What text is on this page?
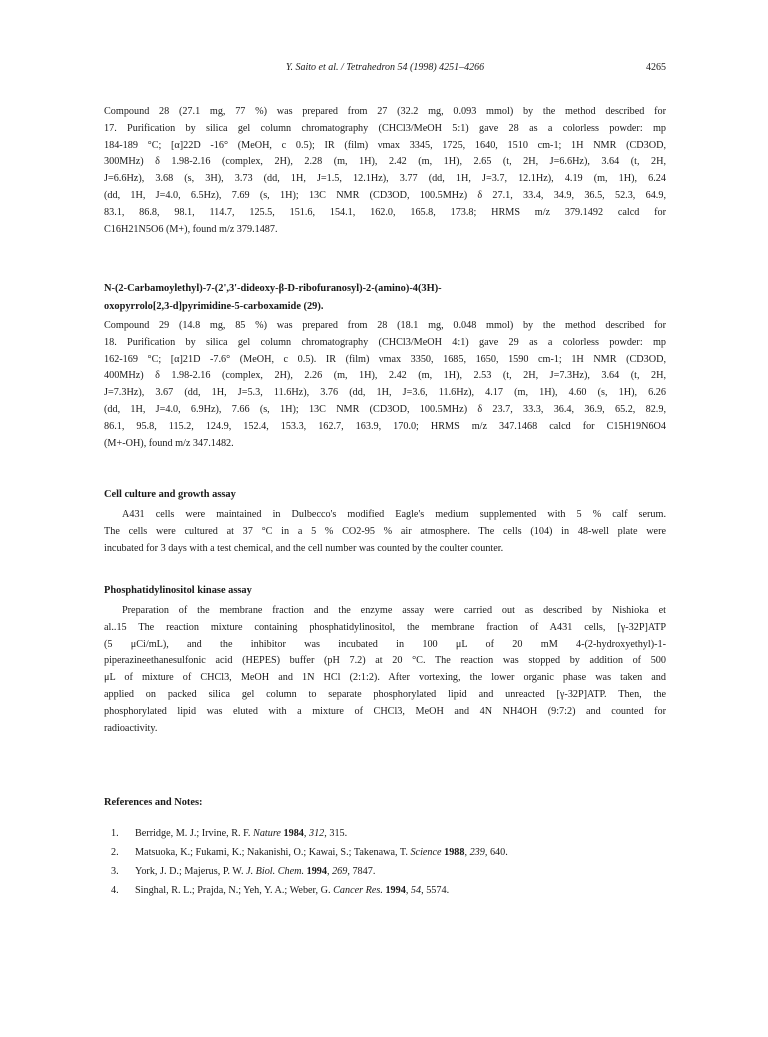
Y. Saito et al. / Tetrahedron 54 (1998) 4251–4266	4265
Compound 28 (27.1 mg, 77 %) was prepared from 27 (32.2 mg, 0.093 mmol) by the method described for
17. Purification by silica gel column chromatography (CHCl3/MeOH 5:1) gave 28 as a colorless powder: mp
184-189 °C; [α]22D -16° (MeOH, c 0.5); IR (film) νmax 3345, 1725, 1640, 1510 cm-1; 1H NMR (CD3OD,
300MHz) δ 1.98-2.16 (complex, 2H), 2.28 (m, 1H), 2.42 (m, 1H), 2.65 (t, 2H, J=6.6Hz), 3.64 (t, 2H,
J=6.6Hz), 3.68 (s, 3H), 3.73 (dd, 1H, J=1.5, 12.1Hz), 3.77 (dd, 1H, J=3.7, 12.1Hz), 4.19 (m, 1H), 6.24
(dd, 1H, J=4.0, 6.5Hz), 7.69 (s, 1H); 13C NMR (CD3OD, 100.5MHz) δ 27.1, 33.4, 34.9, 36.5, 52.3, 64.9,
83.1, 86.8, 98.1, 114.7, 125.5, 151.6, 154.1, 162.0, 165.8, 173.8; HRMS m/z 379.1492 calcd for
C16H21N5O6 (M+), found m/z 379.1487.
N-(2-Carbamoylethyl)-7-(2',3'-dideoxy-β-D-ribofuranosyl)-2-(amino)-4(3H)-
oxopyrrolo[2,3-d]pyrimidine-5-carboxamide (29).
Compound 29 (14.8 mg, 85 %) was prepared from 28 (18.1 mg, 0.048 mmol) by the method described for
18. Purification by silica gel column chromatography (CHCl3/MeOH 4:1) gave 29 as a colorless powder: mp
162-169 °C; [α]21D -7.6° (MeOH, c 0.5). IR (film) νmax 3350, 1685, 1650, 1590 cm-1; 1H NMR (CD3OD,
400MHz) δ 1.98-2.16 (complex, 2H), 2.26 (m, 1H), 2.42 (m, 1H), 2.53 (t, 2H, J=7.3Hz), 3.64 (t, 2H,
J=7.3Hz), 3.67 (dd, 1H, J=5.3, 11.6Hz), 3.76 (dd, 1H, J=3.6, 11.6Hz), 4.17 (m, 1H), 4.60 (s, 1H), 6.26
(dd, 1H, J=4.0, 6.9Hz), 7.66 (s, 1H); 13C NMR (CD3OD, 100.5MHz) δ 23.7, 33.3, 36.4, 36.9, 65.2, 82.9,
86.1, 95.8, 115.2, 124.9, 152.4, 153.3, 162.7, 163.9, 170.0; HRMS m/z 347.1468 calcd for C15H19N6O4
(M+-OH), found m/z 347.1482.
Cell culture and growth assay
A431 cells were maintained in Dulbecco's modified Eagle's medium supplemented with 5 % calf serum.
The cells were cultured at 37 °C in a 5 % CO2-95 % air atmosphere. The cells (104) in 48-well plate were
incubated for 3 days with a test chemical, and the cell number was counted by the coulter counter.
Phosphatidylinositol kinase assay
Preparation of the membrane fraction and the enzyme assay were carried out as described by Nishioka et
al..15 The reaction mixture containing phosphatidylinositol, the membrane fraction of A431 cells, [γ-32P]ATP
(5 μCi/mL), and the inhibitor was incubated in 100 μL of 20 mM 4-(2-hydroxyethyl)-1-
piperazineethanesulfonic acid (HEPES) buffer (pH 7.2) at 20 °C. The reaction was stopped by addition of 500
μL of mixture of CHCl3, MeOH and 1N HCl (2:1:2). After vortexing, the lower organic phase was taken and
applied on packed silica gel column to separate phosphorylated lipid and unreacted [γ-32P]ATP. Then, the
phosphorylated lipid was eluted with a mixture of CHCl3, MeOH and 4N NH4OH (9:7:2) and counted for
radioactivity.
References and Notes:
1.	Berridge, M. J.; Irvine, R. F. Nature 1984, 312, 315.
2.	Matsuoka, K.; Fukami, K.; Nakanishi, O.; Kawai, S.; Takenawa, T. Science 1988, 239, 640.
3.	York, J. D.; Majerus, P. W. J. Biol. Chem. 1994, 269, 7847.
4.	Singhal, R. L.; Prajda, N.; Yeh, Y. A.; Weber, G. Cancer Res. 1994, 54, 5574.
